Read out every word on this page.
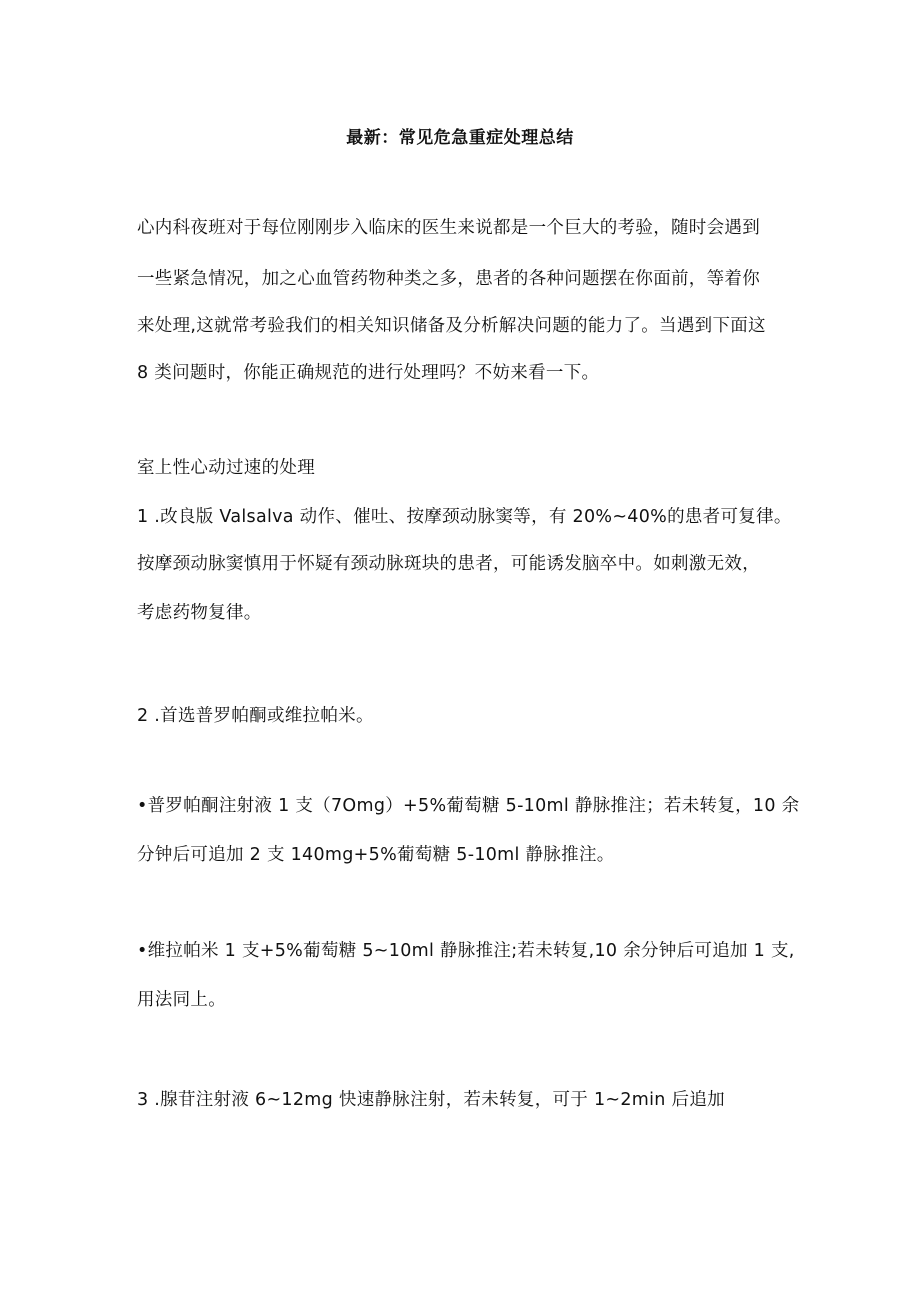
最新：常见危急重症处理总结
心内科夜班对于每位刚刚步入临床的医生来说都是一个巨大的考验，随时会遇到
一些紧急情况，加之心血管药物种类之多，患者的各种问题摆在你面前，等着你
来处理,这就常考验我们的相关知识储备及分析解决问题的能力了。当遇到下面这
8 类问题时，你能正确规范的进行处理吗？不妨来看一下。
室上性心动过速的处理
1 .改良版 Valsalva 动作、催吐、按摩颈动脉窦等，有 20%~40%的患者可复律。
按摩颈动脉窦慎用于怀疑有颈动脉斑块的患者，可能诱发脑卒中。如刺激无效，
考虑药物复律。
2 .首选普罗帕酮或维拉帕米。
•普罗帕酮注射液 1 支（7Omg）+5%葡萄糖 5-10ml 静脉推注；若未转复，10 余
分钟后可追加 2 支 140mg+5%葡萄糖 5-10ml 静脉推注。
•维拉帕米 1 支+5%葡萄糖 5~10ml 静脉推注;若未转复,10 余分钟后可追加 1 支,
用法同上。
3 .腺苷注射液 6~12mg 快速静脉注射，若未转复，可于 1~2min 后追加
